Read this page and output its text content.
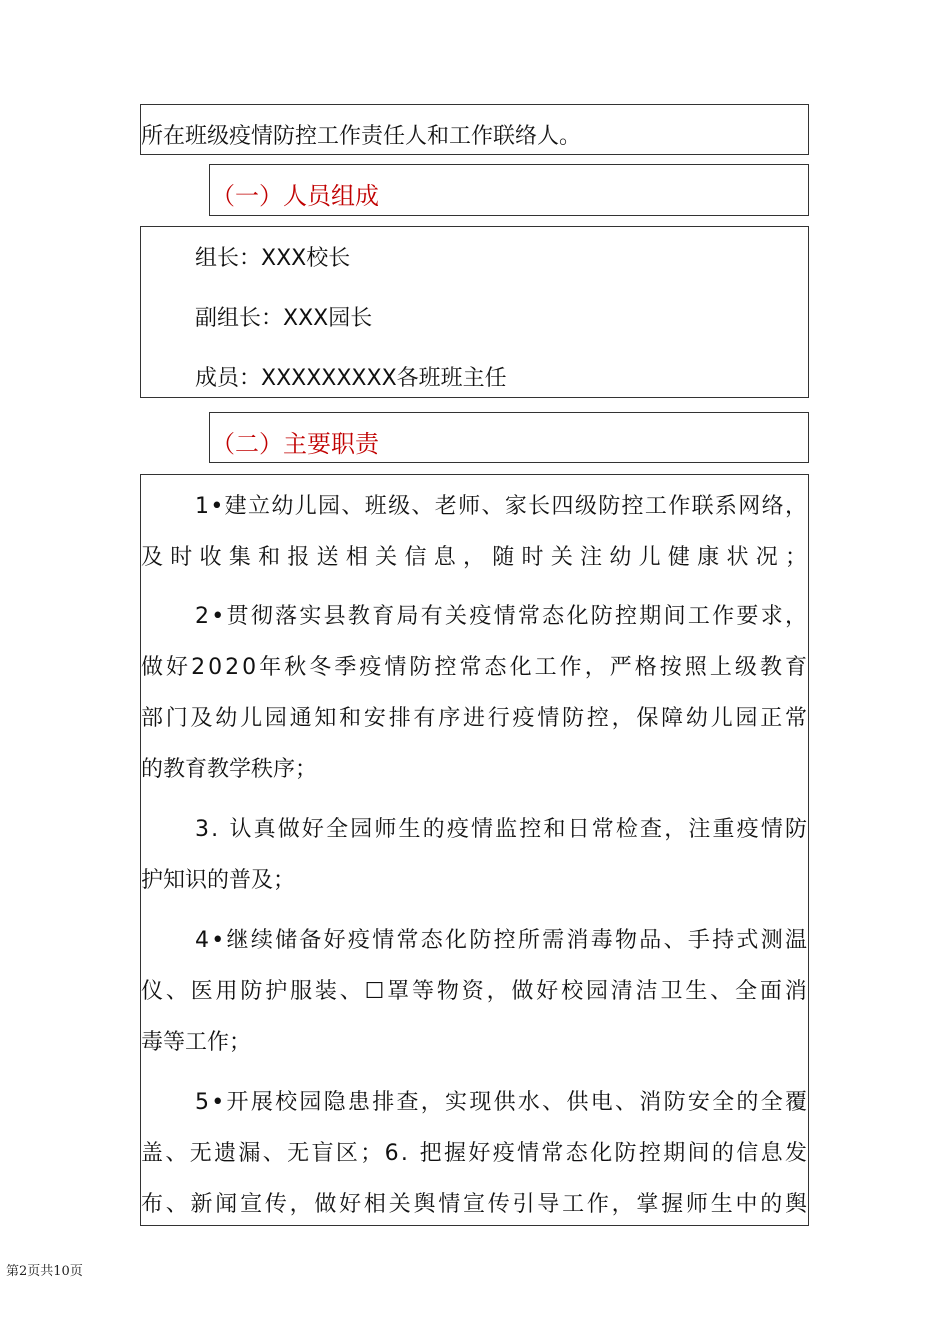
所在班级疫情防控工作责任人和工作联络人。
（一）人员组成
组长：XXX校长
副组长：XXX园长
成员：XXXXXXXXX各班班主任
（二）主要职责
1•建立幼儿园、班级、老师、家长四级防控工作联系网络，
及时收集和报送相关信息，随时关注幼儿健康状况；
2•贯彻落实县教育局有关疫情常态化防控期间工作要求，
做好2020年秋冬季疫情防控常态化工作，严格按照上级教育
部门及幼儿园通知和安排有序进行疫情防控，保障幼儿园正常
的教育教学秩序；
3. 认真做好全园师生的疫情监控和日常检查，注重疫情防
护知识的普及；
4•继续储备好疫情常态化防控所需消毒物品、手持式测温
仪、医用防护服装、☐罩等物资，做好校园清洁卫生、全面消
毒等工作；
5•开展校园隐患排查，实现供水、供电、消防安全的全覆
盖、无遗漏、无盲区；6. 把握好疫情常态化防控期间的信息发
布、新闻宣传，做好相关舆情宣传引导工作，掌握师生中的舆
第2页共10页
